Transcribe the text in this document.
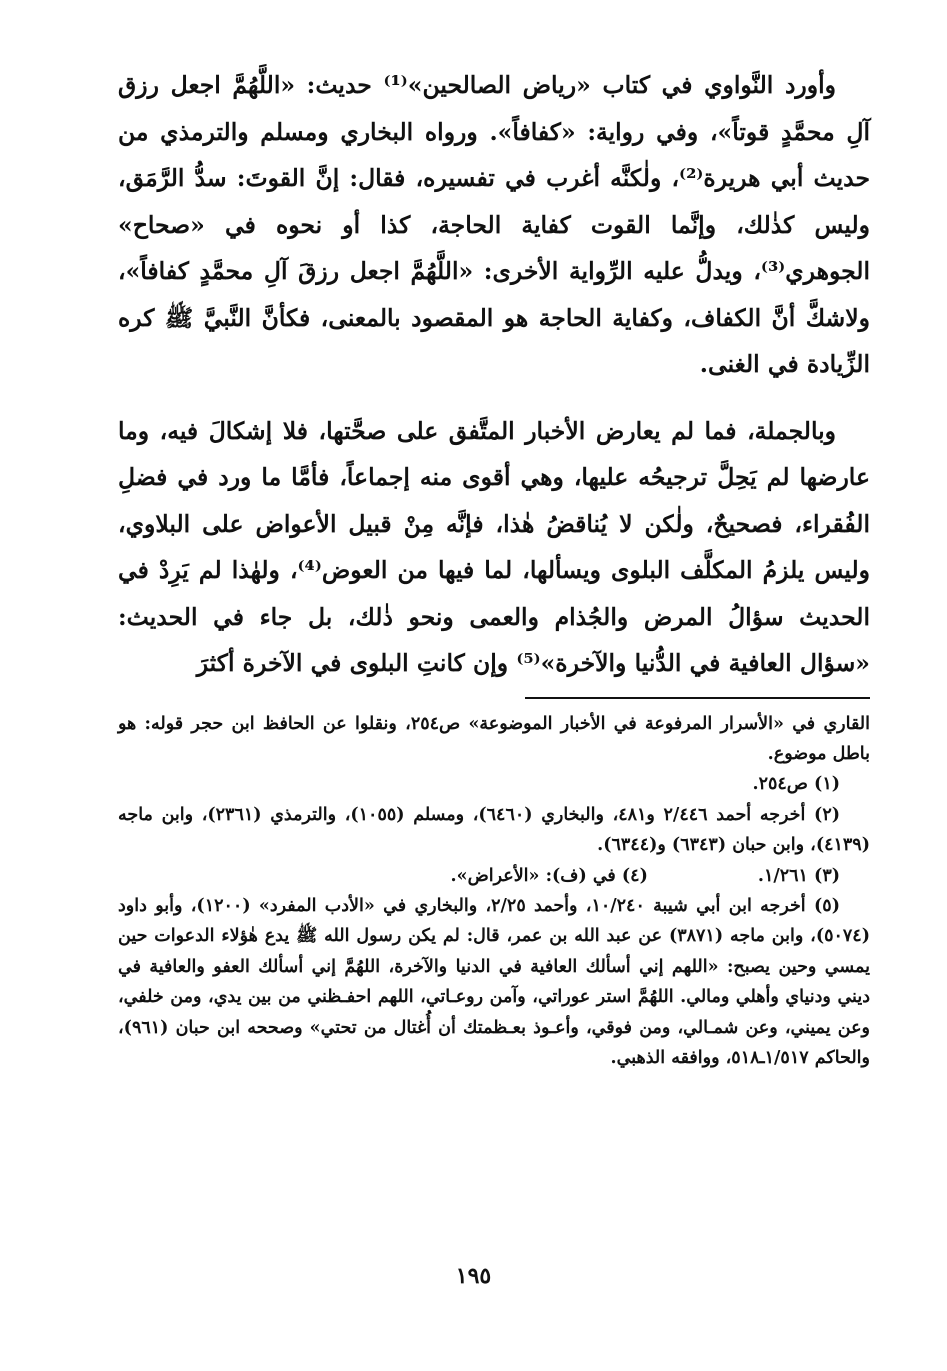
وأورد النَّواوي في كتاب «رياض الصالحين»⁽¹⁾ حديث: «اللَّهُمَّ اجعل رزق آلِ محمَّدٍ قوتاً»، وفي رواية: «كفافاً». ورواه البخاري ومسلم والترمذي من حديث أبي هريرة⁽²⁾، ولٰكنَّه أغرب في تفسيره، فقال: إنَّ القوتَ: سدُّ الرَّمَق، وليس كذٰلك، وإنَّما القوت كفاية الحاجة، كذا أو نحوه في «صحاح» الجوهري⁽³⁾، ويدلُّ عليه الرِّواية الأخرى: «اللَّهُمَّ اجعل رزقَ آلِ محمَّدٍ كفافاً»، ولاشكَّ أنَّ الكفاف، وكفاية الحاجة هو المقصود بالمعنى، فكأنَّ النَّبيَّ ﷺ كره الزِّيادة في الغنى.

وبالجملة، فما لم يعارض الأخبار المتَّفق على صحَّتها، فلا إشكالَ فيه، وما عارضها لم يَحِلَّ ترجيحُه عليها، وهي أقوى منه إجماعاً، فأمَّا ما ورد في فضلِ الفُقراء، فصحيحٌ، ولٰكن لا يُناقضُ هٰذا، فإنَّه مِنْ قبيل الأعواض على البلاوي، وليس يلزمُ المكلَّف البلوى ويسألها، لما فيها من العوض⁽⁴⁾، ولهٰذا لم يَرِدْ في الحديث سؤالُ المرض والجُذام والعمى ونحو ذٰلك، بل جاء في الحديث: «سؤال العافية في الدُّنيا والآخرة»⁽⁵⁾ وإن كانتِ البلوى في الآخرة أكثرَ

القاري في «الأسرار المرفوعة في الأخبار الموضوعة» ص٢٥٤، ونقلوا عن الحافظ ابن حجر قوله: هو باطل موضوع.

(١) ص٢٥٤.

(٢) أخرجه أحمد ٢/٤٤٦ و٤٨١، والبخاري (٦٤٦٠)، ومسلم (١٠٥٥)، والترمذي (٢٣٦١)، وابن ماجه (٤١٣٩)، وابن حبان (٦٣٤٣) و(٦٣٤٤).

(٣) ١/٢٦١.
(٤) في (ف): «الأعراض».

(٥) أخرجه ابن أبي شيبة ١٠/٢٤٠، وأحمد ٢/٢٥، والبخاري في «الأدب المفرد» (١٢٠٠)، وأبو داود (٥٠٧٤)، وابن ماجه (٣٨٧١) عن عبد الله بن عمر، قال: لم يكن رسول الله ﷺ يدع هٰؤلاء الدعوات حين يمسي وحين يصبح: «اللهم إني أسألك العافية في الدنيا والآخرة، اللهُمَّ إني أسألك العفو والعافية في ديني ودنياي وأهلي ومالي. اللهُمَّ استر عوراتي، وآمن روعـاتي، اللهم احفـظني من بين يدي، ومن خلفي، وعن يميني، وعن شمـالي، ومن فوقي، وأعـوذ بعـظمتك أن أُغتال من تحتي» وصححه ابن حبان (٩٦١)، والحاكم ١/٥١٧ـ٥١٨، ووافقه الذهبي.

١٩٥
